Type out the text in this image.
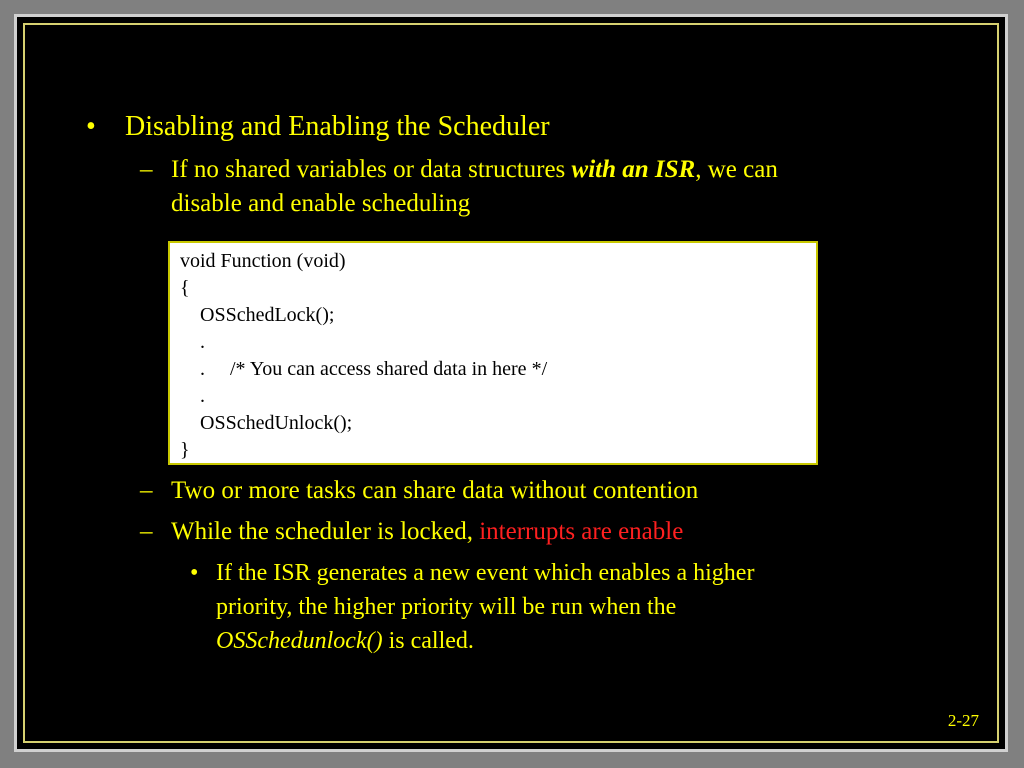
• Disabling and Enabling the Scheduler
– If no shared variables or data structures with an ISR, we can
disable and enable scheduling
void Function (void)
{
OSSchedLock();
.
.     /* You can access shared data in here */
.
OSSchedUnlock();
}
– Two or more tasks can share data without contention
– While the scheduler is locked, interrupts are enable
• If the ISR generates a new event which enables a higher
priority, the higher priority will be run when the
OSSchedunlock() is called.
2-27
